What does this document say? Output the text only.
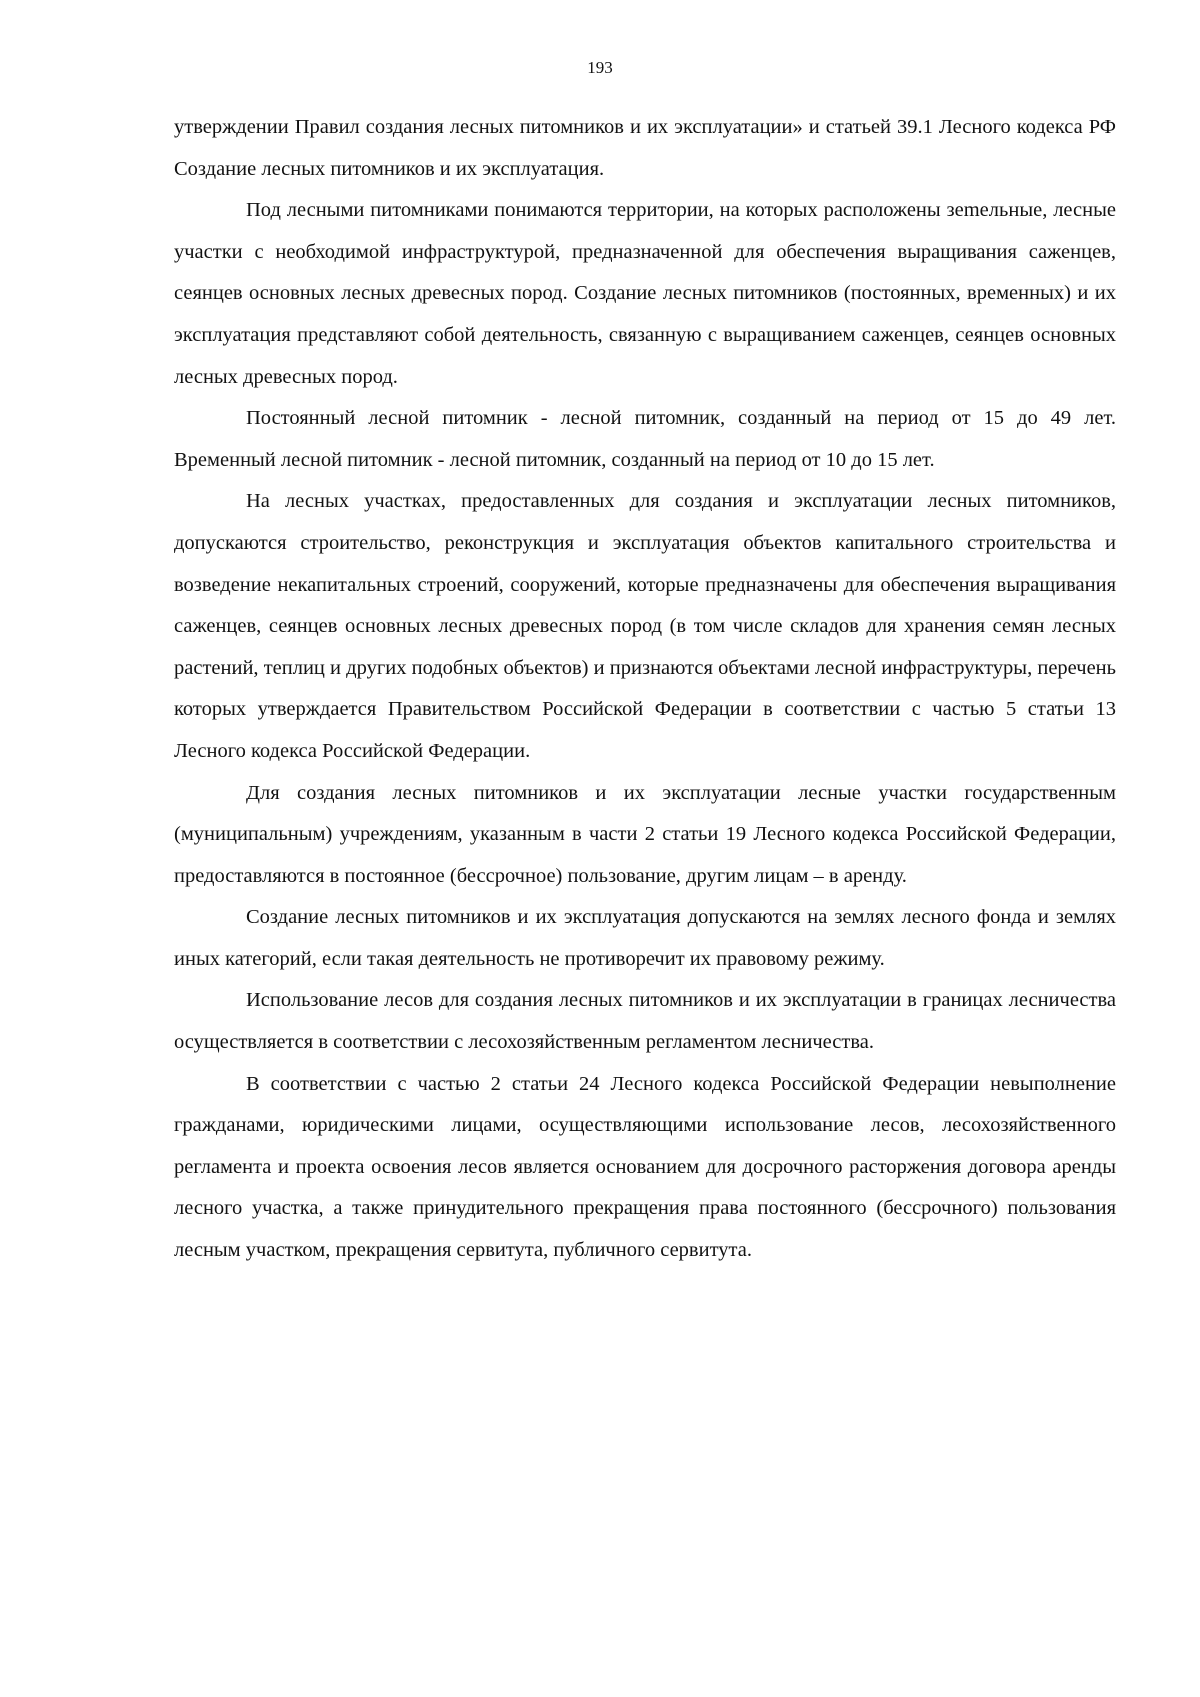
193

утверждении Правил создания лесных питомников и их эксплуатации» и статьей 39.1 Лесного кодекса РФ Создание лесных питомников и их эксплуатация.

Под лесными питомниками понимаются территории, на которых расположены зеmельные, лесные участки с необходимой инфраструктурой, предназначенной для обеспечения выращивания саженцев, сеянцев основных лесных древесных пород. Создание лесных питомников (постоянных, временных) и их эксплуатация представляют собой деятельность, связанную с выращиванием саженцев, сеянцев основных лесных древесных пород.

Постоянный лесной питомник - лесной питомник, созданный на период от 15 до 49 лет. Временный лесной питомник - лесной питомник, созданный на период от 10 до 15 лет.

На лесных участках, предоставленных для создания и эксплуатации лесных питомников, допускаются строительство, реконструкция и эксплуатация объектов капитального строительства и возведение некапитальных строений, сооружений, которые предназначены для обеспечения выращивания саженцев, сеянцев основных лесных древесных пород (в том числе складов для хранения семян лесных растений, теплиц и других подобных объектов) и признаются объектами лесной инфраструктуры, перечень которых утверждается Правительством Российской Федерации в соответствии с частью 5 статьи 13 Лесного кодекса Российской Федерации.

Для создания лесных питомников и их эксплуатации лесные участки государственным (муниципальным) учреждениям, указанным в части 2 статьи 19 Лесного кодекса Российской Федерации, предоставляются в постоянное (бессрочное) пользование, другим лицам – в аренду.

Создание лесных питомников и их эксплуатация допускаются на землях лесного фонда и землях иных категорий, если такая деятельность не противоречит их правовому режиму.

Использование лесов для создания лесных питомников и их эксплуатации в границах лесничества осуществляется в соответствии с лесохозяйственным регламентом лесничества.

В соответствии с частью 2 статьи 24 Лесного кодекса Российской Федерации невыполнение гражданами, юридическими лицами, осуществляющими использование лесов, лесохозяйственного регламента и проекта освоения лесов является основанием для досрочного расторжения договора аренды лесного участка, а также принудительного прекращения права постоянного (бессрочного) пользования лесным участком, прекращения сервитута, публичного сервитута.
